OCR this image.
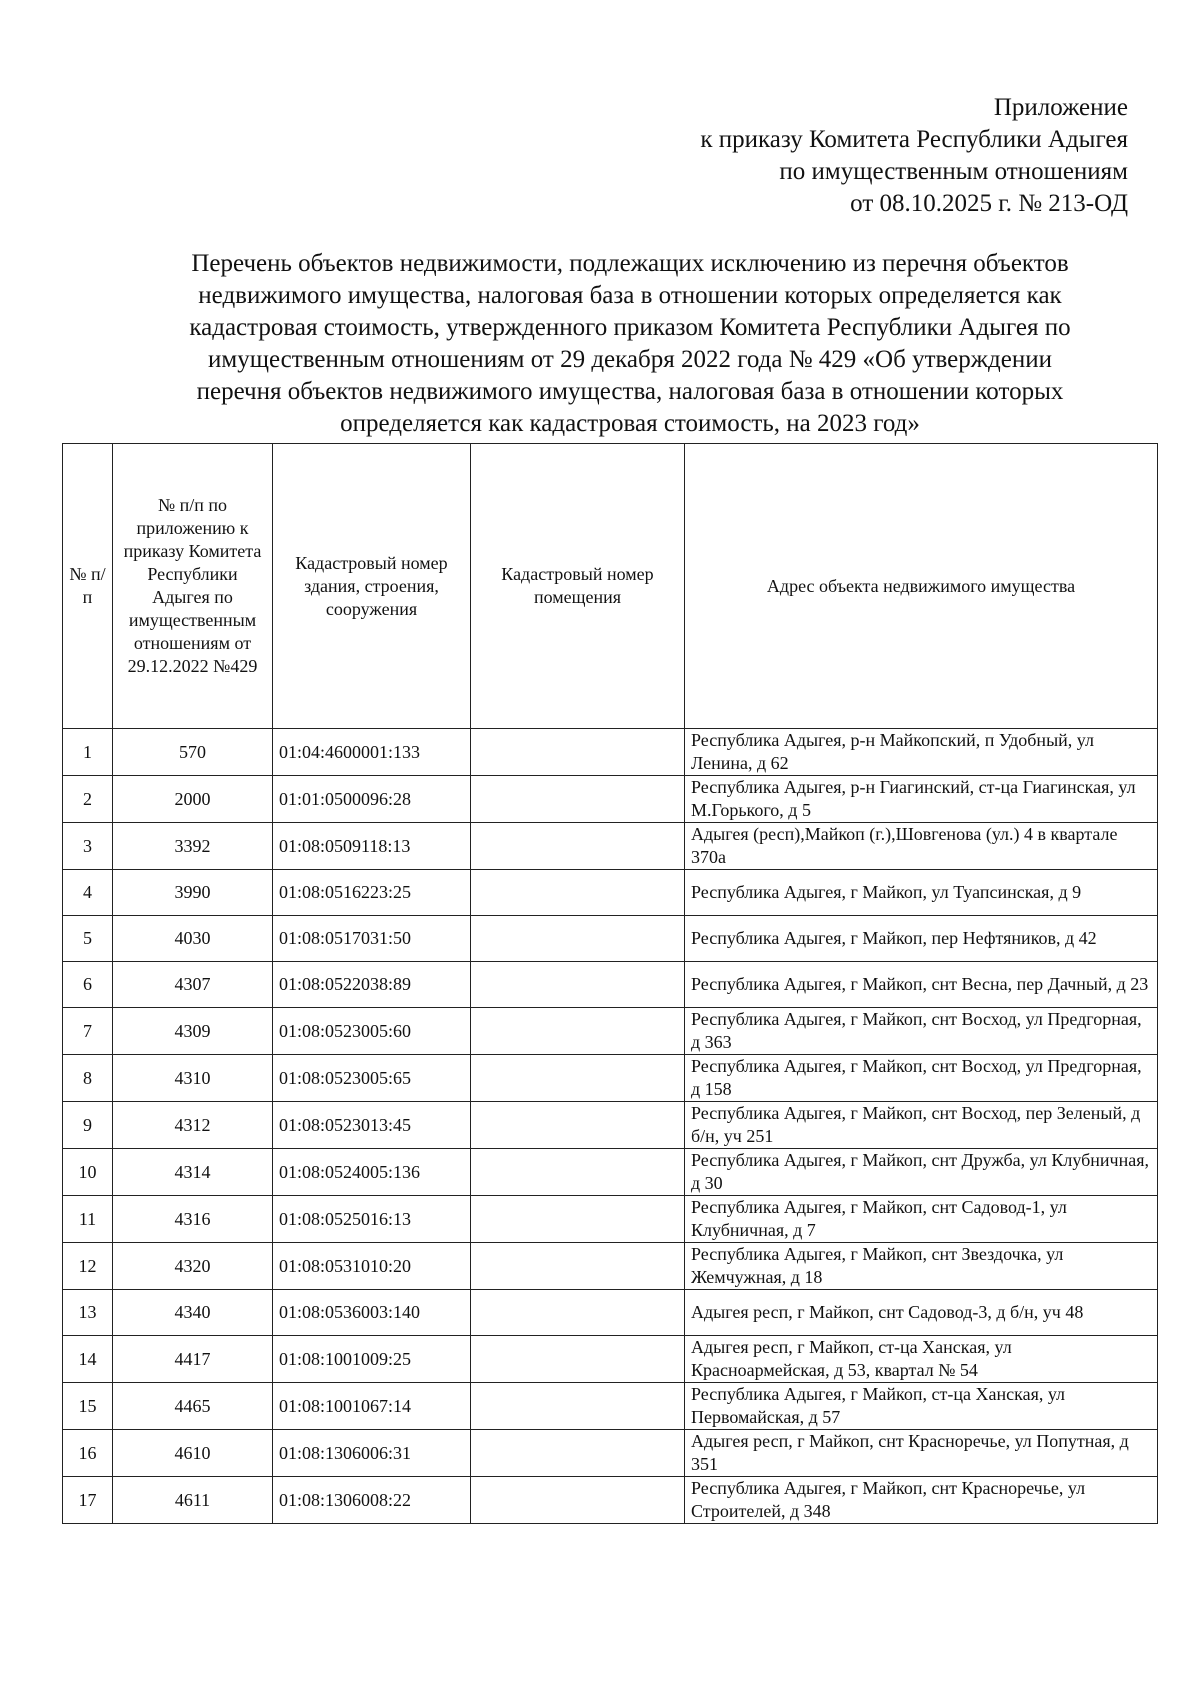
Приложение
к приказу Комитета Республики Адыгея
по имущественным отношениям
от 08.10.2025 г. № 213-ОД
Перечень объектов недвижимости, подлежащих исключению из перечня объектов
недвижимого имущества, налоговая база в отношении которых определяется как
кадастровая стоимость, утвержденного приказом Комитета Республики Адыгея по
имущественным отношениям от 29 декабря 2022 года № 429 «Об утверждении
перечня объектов недвижимого имущества, налоговая база в отношении которых
определяется как кадастровая стоимость, на 2023 год»
№ п/п	№ п/п по приложению к приказу Комитета Республики Адыгея по имущественным отношениям от 29.12.2022 №429	Кадастровый номер здания, строения, сооружения	Кадастровый номер помещения	Адрес объекта недвижимого имущества
1	570	01:04:4600001:133		Республика Адыгея, р-н Майкопский, п Удобный, ул Ленина, д 62
2	2000	01:01:0500096:28		Республика Адыгея, р-н Гиагинский, ст-ца Гиагинская, ул М.Горького, д 5
3	3392	01:08:0509118:13		Адыгея (респ),Майкоп (г.),Шовгенова (ул.) 4 в квартале 370а
4	3990	01:08:0516223:25		Республика Адыгея, г Майкоп, ул Туапсинская, д 9
5	4030	01:08:0517031:50		Республика Адыгея, г Майкоп, пер Нефтяников, д 42
6	4307	01:08:0522038:89		Республика Адыгея, г Майкоп, снт Весна, пер Дачный, д 23
7	4309	01:08:0523005:60		Республика Адыгея, г Майкоп, снт Восход, ул Предгорная, д 363
8	4310	01:08:0523005:65		Республика Адыгея, г Майкоп, снт Восход, ул Предгорная, д 158
9	4312	01:08:0523013:45		Республика Адыгея, г Майкоп, снт Восход, пер Зеленый, д б/н, уч 251
10	4314	01:08:0524005:136		Республика Адыгея, г Майкоп, снт Дружба, ул Клубничная, д 30
11	4316	01:08:0525016:13		Республика Адыгея, г Майкоп, снт Садовод-1, ул Клубничная, д 7
12	4320	01:08:0531010:20		Республика Адыгея, г Майкоп, снт Звездочка, ул Жемчужная, д 18
13	4340	01:08:0536003:140		Адыгея респ, г Майкоп, снт Садовод-3, д б/н, уч 48
14	4417	01:08:1001009:25		Адыгея респ, г Майкоп, ст-ца Ханская, ул Красноармейская, д 53, квартал № 54
15	4465	01:08:1001067:14		Республика Адыгея, г Майкоп, ст-ца Ханская, ул Первомайская, д 57
16	4610	01:08:1306006:31		Адыгея респ, г Майкоп, снт Красноречье, ул Попутная, д 351
17	4611	01:08:1306008:22		Республика Адыгея, г Майкоп, снт Красноречье, ул Строителей, д 348
